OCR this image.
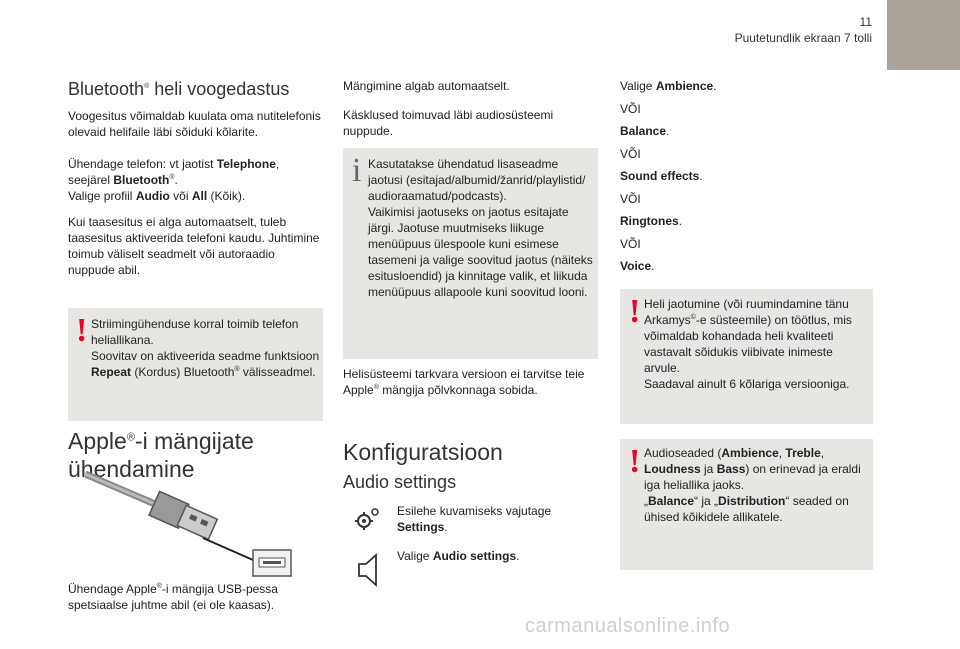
11
Puutetundlik ekraan 7 tolli
Bluetooth® heli voogedastus

Voogesitus võimaldab kuulata oma nutitelefonis olevaid helifaile läbi sõiduki kõlarite.

Ühendage telefon: vt jaotist Telephone, seejärel Bluetooth®.
Valige profiil Audio või All (Kõik).

Kui taasesitus ei alga automaatselt, tuleb taasesitus aktiveerida telefoni kaudu. Juhtimine toimub väliselt seadmelt või autoraadio nuppude abil.

! Striimingühenduse korral toimib telefon heliallikana.
Soovitav on aktiveerida seadme funktsioon Repeat (Kordus) Bluetooth® välisseadmel.
Apple®-i mängijate
ühendamine

Ühendage Apple®-i mängija USB-pessa spetsiaalse juhtme abil (ei ole kaasas).

Mängimine algab automaatselt.

Käsklused toimuvad läbi audiosüsteemi nuppude.

i Kasutatakse ühendatud lisaseadme jaotusi (esitajad/albumid/žanrid/playlistid/ audioraamatud/podcasts).
Vaikimisi jaotuseks on jaotus esitajate järgi. Jaotuse muutmiseks liikuge menüüpuus ülespoole kuni esimese tasemeni ja valige soovitud jaotus (näiteks esitusloendid) ja kinnitage valik, et liikuda menüüpuus allapoole kuni soovitud looni.

Helisüsteemi tarkvara versioon ei tarvitse teie Apple® mängija põlvkonnaga sobida.

Konfiguratsioon
Audio settings

Esilehe kuvamiseks vajutage Settings.

Valige Audio settings.

Valige Ambience.

VÕI

Balance.

VÕI

Sound effects.

VÕI

Ringtones.

VÕI

Voice.

! Heli jaotumine (või ruumindamine tänu Arkamys©-e süsteemile) on töötlus, mis võimaldab kohandada heli kvaliteeti vastavalt sõidukis viibivate inimeste arvule.
Saadaval ainult 6 kõlariga versiooniga.
! Audioseaded (Ambience, Treble, Loudness ja Bass) on erinevad ja eraldi iga heliallika jaoks.
„Balance“ ja „Distribution“ seaded on ühised kõikidele allikatele.
carmanualsonline.info
